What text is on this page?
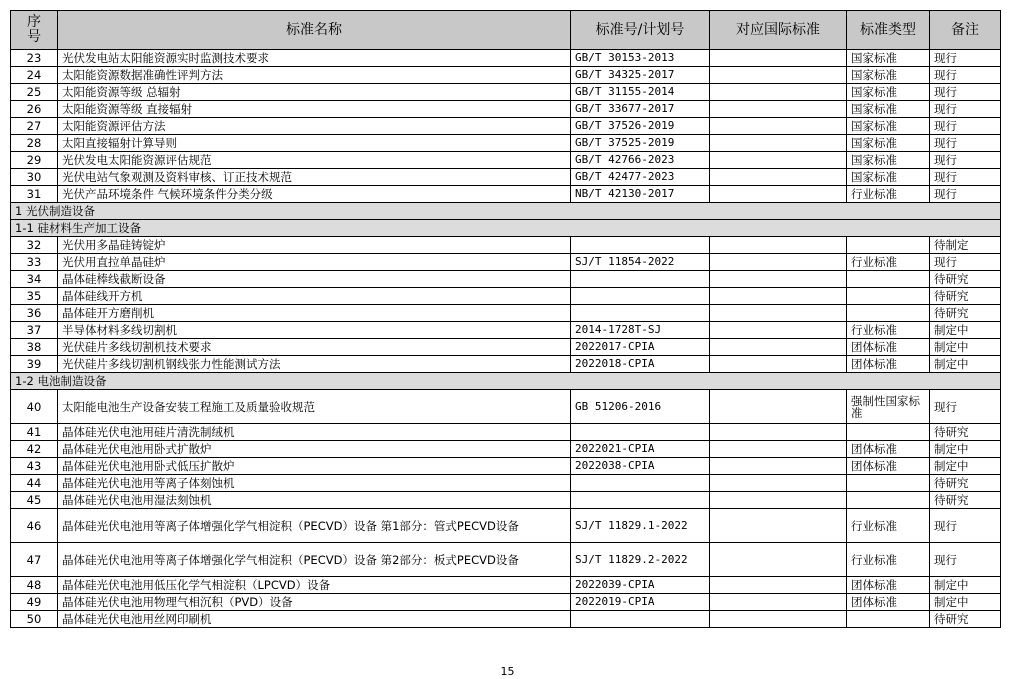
序
号	标准名称	标准号/计划号	对应国际标准	标准类型	备注
23	光伏发电站太阳能资源实时监测技术要求	GB/T 30153-2013		国家标准	现行
24	太阳能资源数据准确性评判方法	GB/T 34325-2017		国家标准	现行
25	太阳能资源等级 总辐射	GB/T 31155-2014		国家标准	现行
26	太阳能资源等级 直接辐射	GB/T 33677-2017		国家标准	现行
27	太阳能资源评估方法	GB/T 37526-2019		国家标准	现行
28	太阳直接辐射计算导则	GB/T 37525-2019		国家标准	现行
29	光伏发电太阳能资源评估规范	GB/T 42766-2023		国家标准	现行
30	光伏电站气象观测及资料审核、订正技术规范	GB/T 42477-2023		国家标准	现行
31	光伏产品环境条件 气候环境条件分类分级	NB/T 42130-2017		行业标准	现行
1 光伏制造设备					
1-1 硅材料生产加工设备					
32	光伏用多晶硅铸锭炉				待制定
33	光伏用直拉单晶硅炉	SJ/T 11854-2022		行业标准	现行
34	晶体硅棒线截断设备				待研究
35	晶体硅线开方机				待研究
36	晶体硅开方磨削机				待研究
37	半导体材料多线切割机	2014-1728T-SJ		行业标准	制定中
38	光伏硅片多线切割机技术要求	2022017-CPIA		团体标准	制定中
39	光伏硅片多线切割机钢线张力性能测试方法	2022018-CPIA		团体标准	制定中
1-2 电池制造设备					
40	太阳能电池生产设备安装工程施工及质量验收规范	GB 51206-2016		强制性国家标准	现行
41	晶体硅光伏电池用硅片清洗制绒机				待研究
42	晶体硅光伏电池用卧式扩散炉	2022021-CPIA		团体标准	制定中
43	晶体硅光伏电池用卧式低压扩散炉	2022038-CPIA		团体标准	制定中
44	晶体硅光伏电池用等离子体刻蚀机				待研究
45	晶体硅光伏电池用湿法刻蚀机				待研究
46	晶体硅光伏电池用等离子体增强化学气相淀积（PECVD）设备 第1部分：管式PECVD设备	SJ/T 11829.1-2022		行业标准	现行
47	晶体硅光伏电池用等离子体增强化学气相淀积（PECVD）设备 第2部分：板式PECVD设备	SJ/T 11829.2-2022		行业标准	现行
48	晶体硅光伏电池用低压化学气相淀积（LPCVD）设备	2022039-CPIA		团体标准	制定中
49	晶体硅光伏电池用物理气相沉积（PVD）设备	2022019-CPIA		团体标准	制定中
50	晶体硅光伏电池用丝网印刷机				待研究
15
